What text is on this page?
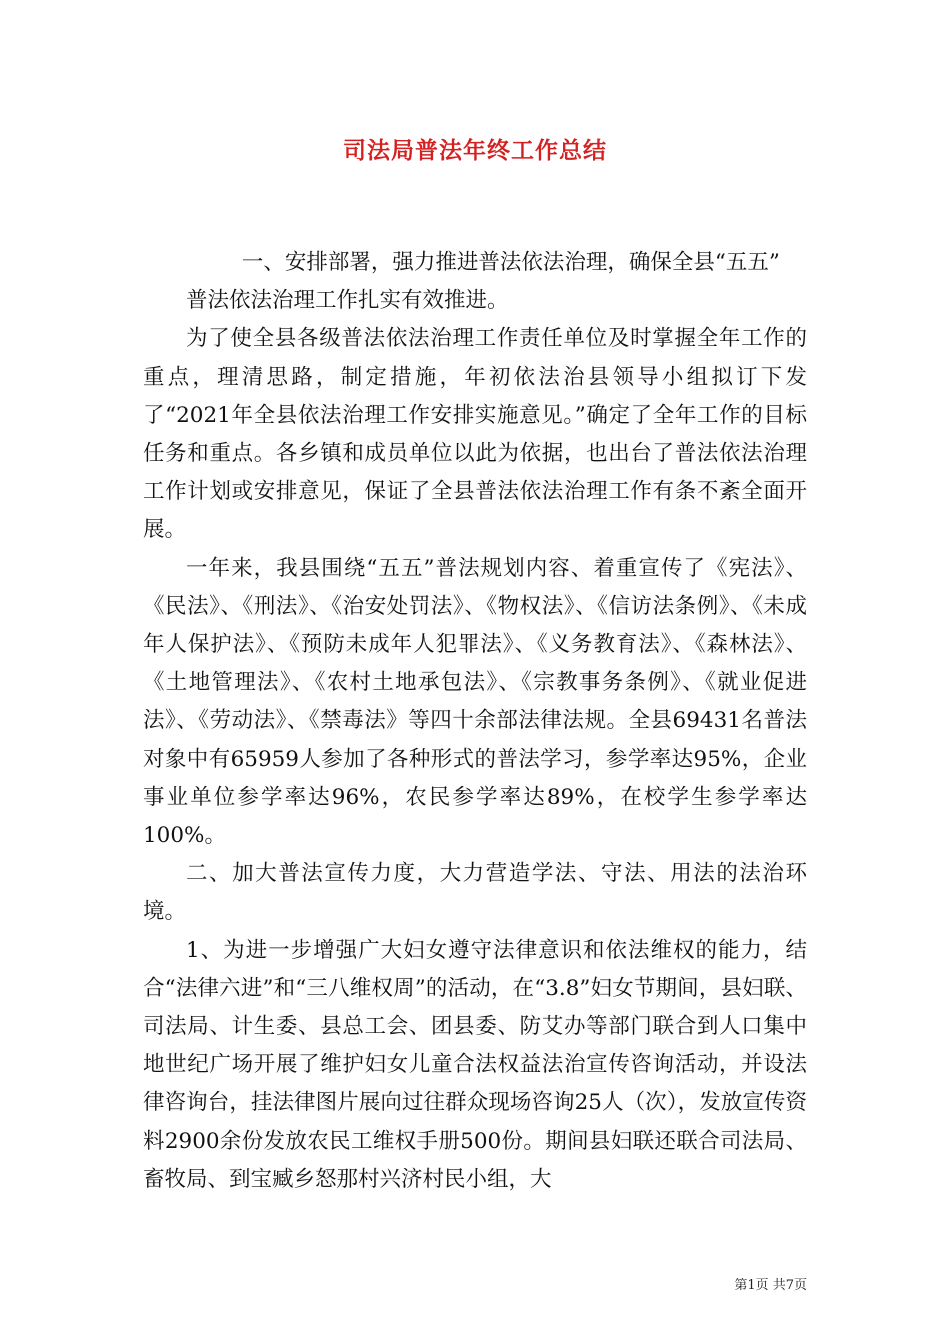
司法局普法年终工作总结

一、安排部署，强力推进普法依法治理，确保全县“五五”

普法依法治理工作扎实有效推进。

为了使全县各级普法依法治理工作责任单位及时掌握全年工作的重点，理清思路，制定措施，年初依法治县领导小组拟订下发了“2021年全县依法治理工作安排实施意见。”确定了全年工作的目标任务和重点。各乡镇和成员单位以此为依据，也出台了普法依法治理工作计划或安排意见，保证了全县普法依法治理工作有条不紊全面开展。

一年来，我县围绕“五五”普法规划内容、着重宣传了《宪法》、《民法》、《刑法》、《治安处罚法》、《物权法》、《信访法条例》、《未成年人保护法》、《预防未成年人犯罪法》、《义务教育法》、《森林法》、《土地管理法》、《农村土地承包法》、《宗教事务条例》、《就业促进法》、《劳动法》、《禁毒法》等四十余部法律法规。全县69431名普法对象中有65959人参加了各种形式的普法学习，参学率达95%，企业事业单位参学率达96%，农民参学率达89%，在校学生参学率达100%。

二、加大普法宣传力度，大力营造学法、守法、用法的法治环境。

1、为进一步增强广大妇女遵守法律意识和依法维权的能力，结合“法律六进”和“三八维权周”的活动，在“3.8”妇女节期间，县妇联、司法局、计生委、县总工会、团县委、防艾办等部门联合到人口集中地世纪广场开展了维护妇女儿童合法权益法治宣传咨询活动，并设法律咨询台，挂法律图片展向过往群众现场咨询25人（次），发放宣传资料2900余份发放农民工维权手册500份。期间县妇联还联合司法局、畜牧局、到宝臧乡怒那村兴济村民小组，大

第1页 共7页
